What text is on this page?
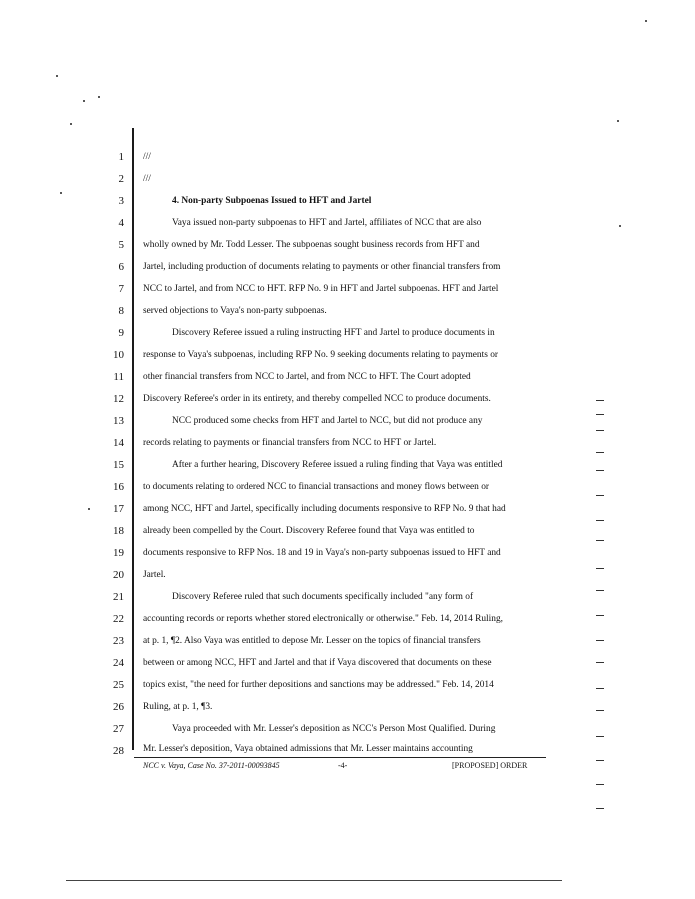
1
2
3
4
5
6
7
8
9
10
11
12
13
14
15
16
17
18
19
20
21
22
23
24
25
26
27
28
///
///
4. Non-party Subpoenas Issued to HFT and Jartel
Vaya issued non-party subpoenas to HFT and Jartel, affiliates of NCC that are also
wholly owned by Mr. Todd Lesser. The subpoenas sought business records from HFT and
Jartel, including production of documents relating to payments or other financial transfers from
NCC to Jartel, and from NCC to HFT. RFP No. 9 in HFT and Jartel subpoenas. HFT and Jartel
served objections to Vaya's non-party subpoenas.
Discovery Referee issued a ruling instructing HFT and Jartel to produce documents in
response to Vaya's subpoenas, including RFP No. 9 seeking documents relating to payments or
other financial transfers from NCC to Jartel, and from NCC to HFT. The Court adopted
Discovery Referee's order in its entirety, and thereby compelled NCC to produce documents.
NCC produced some checks from HFT and Jartel to NCC, but did not produce any
records relating to payments or financial transfers from NCC to HFT or Jartel.
After a further hearing, Discovery Referee issued a ruling finding that Vaya was entitled
to documents relating to ordered NCC to financial transactions and money flows between or
among NCC, HFT and Jartel, specifically including documents responsive to RFP No. 9 that had
already been compelled by the Court. Discovery Referee found that Vaya was entitled to
documents responsive to RFP Nos. 18 and 19 in Vaya's non-party subpoenas issued to HFT and
Jartel.
Discovery Referee ruled that such documents specifically included "any form of
accounting records or reports whether stored electronically or otherwise." Feb. 14, 2014 Ruling,
at p. 1, ¶2. Also Vaya was entitled to depose Mr. Lesser on the topics of financial transfers
between or among NCC, HFT and Jartel and that if Vaya discovered that documents on these
topics exist, "the need for further depositions and sanctions may be addressed." Feb. 14, 2014
Ruling, at p. 1, ¶3.
Vaya proceeded with Mr. Lesser's deposition as NCC's Person Most Qualified. During
Mr. Lesser's deposition, Vaya obtained admissions that Mr. Lesser maintains accounting
NCC v. Vaya, Case No. 37-2011-00093845	-4-	[PROPOSED] ORDER
